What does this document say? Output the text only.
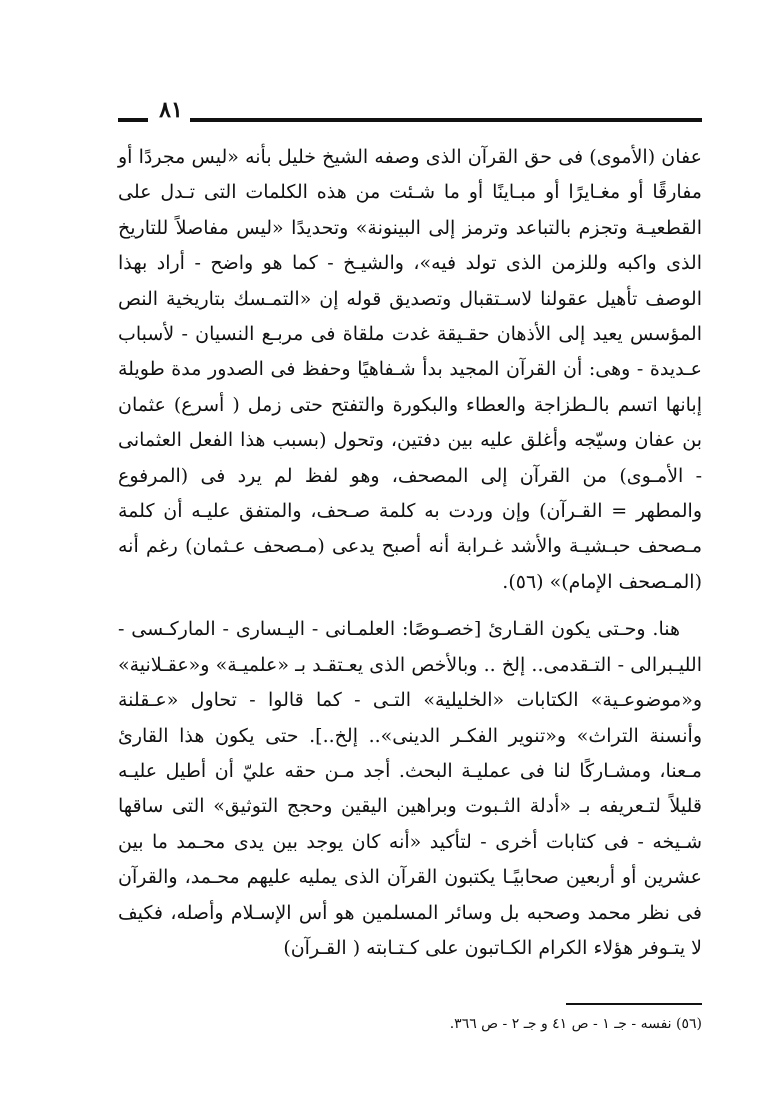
٨١

عفان (الأموى) فى حق القرآن الذى وصفه الشيخ خليل بأنه «ليس مجردًا أو مفارقًا أو مغـايرًا أو مبـاينًا أو ما شـئت من هذه الكلمات التى تـدل على القطعيـة وتجزم بالتباعد وترمز إلى البينونة» وتحديدًا «ليس مفاصلاً للتاريخ الذى واكبه وللزمن الذى تولد فيه»، والشيـخ - كما هو واضح - أراد بهذا الوصف تأهيل عقولنا لاسـتقبال وتصديق قوله إن «التمـسك بتاريخية النص المؤسس يعيد إلى الأذهان حقـيقة غدت ملقاة فى مربـع النسيان - لأسباب عـديدة - وهى: أن القرآن المجيد بدأ شـفاهيًا وحفظ فى الصدور مدة طويلة إبانها اتسم بالـطزاجة والعطاء والبكورة والتفتح حتى زمل ( أسرع) عثمان بن عفان وسيّجه وأغلق عليه بين دفتين، وتحول (بسبب هذا الفعل العثمانى - الأمـوى) من القرآن إلى المصحف، وهو لفظ لم يرد فى (المرفوع والمطهر = القـرآن) وإن وردت به كلمة صـحف، والمتفق عليـه أن كلمة مـصحف حبـشيـة والأشد غـرابة أنه أصبح يدعى (مـصحف عـثمان) رغم أنه (المـصحف الإمام)» (٥٦).

هنا. وحـتى يكون القـارئ [خصـوصًا: العلمـانى - اليـسارى - الماركـسى - الليـبرالى - التـقدمى.. إلخ .. وبالأخص الذى يعـتقـد بـ «علميـة» و«عقـلانية» و«موضوعـية» الكتابات «الخليلية» التـى - كما قالوا - تحاول «عـقلنة وأنسنة التراث» و«تنوير الفكـر الدينى».. إلخ..]. حتى يكون هذا القارئ مـعنا، ومشـاركًا لنا فى عمليـة البحث. أجد مـن حقه عليّ أن أطيل عليـه قليلاً لتـعريفه بـ «أدلة الثـبوت وبراهين اليقين وحجج التوثيق» التى ساقها شـيخه - فى كتابات أخرى - لتأكيد «أنه كان يوجد بين يدى محـمد ما بين عشرين أو أربعين صحابيًـا يكتبون القرآن الذى يمليه عليهم محـمد، والقرآن فى نظر محمد وصحبه بل وسائر المسلمين هو أس الإسـلام وأصله، فكيف لا يتـوفر هؤلاء الكرام الكـاتبون على كـتـابته ( القـرآن)

(٥٦) نفسه - جـ ١ - ص ٤١ و جـ ٢ - ص ٣٦٦.
